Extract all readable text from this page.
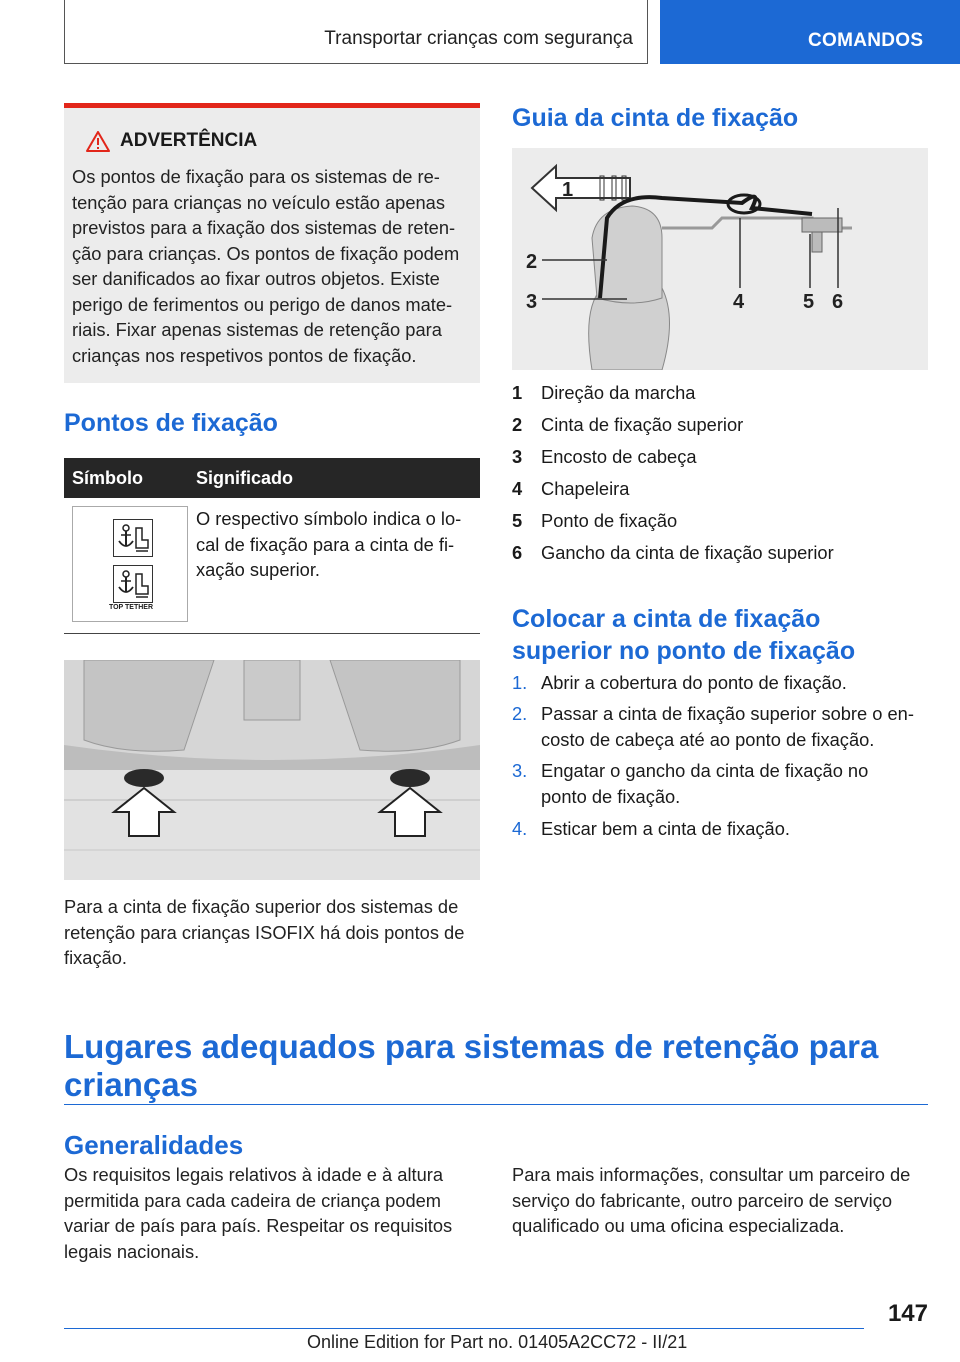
Transportar crianças com segurança	COMANDOS
ADVERTÊNCIA

Os pontos de fixação para os sistemas de re-tenção para crianças no veículo estão apenas previstos para a fixação dos sistemas de reten-ção para crianças. Os pontos de fixação podem ser danificados ao fixar outros objetos. Existe perigo de ferimentos ou perigo de danos mate-riais. Fixar apenas sistemas de retenção para crianças nos respetivos pontos de fixação.

Pontos de fixação
Símbolo	Significado
TOP TETHER
O respectivo símbolo indica o lo-cal de fixação para a cinta de fi-xação superior.

Para a cinta de fixação superior dos sistemas de retenção para crianças ISOFIX há dois pontos de fixação.

Guia da cinta de fixação
1
2
3	4	5 6
1	Direção da marcha
2	Cinta de fixação superior
3	Encosto de cabeça
4	Chapeleira
5	Ponto de fixação
6	Gancho da cinta de fixação superior
Colocar a cinta de fixação
superior no ponto de fixação
1. Abrir a cobertura do ponto de fixação.
2. Passar a cinta de fixação superior sobre o en-
costo de cabeça até ao ponto de fixação.
3. Engatar o gancho da cinta de fixação no
ponto de fixação.
4. Esticar bem a cinta de fixação.
Lugares adequados para sistemas de retenção para crianças
Generalidades

Os requisitos legais relativos à idade e à altura permitida para cada cadeira de criança podem variar de país para país. Respeitar os requisitos legais nacionais.

Para mais informações, consultar um parceiro de serviço do fabricante, outro parceiro de serviço qualificado ou uma oficina especializada.

147
Online Edition for Part no. 01405A2CC72 - II/21
